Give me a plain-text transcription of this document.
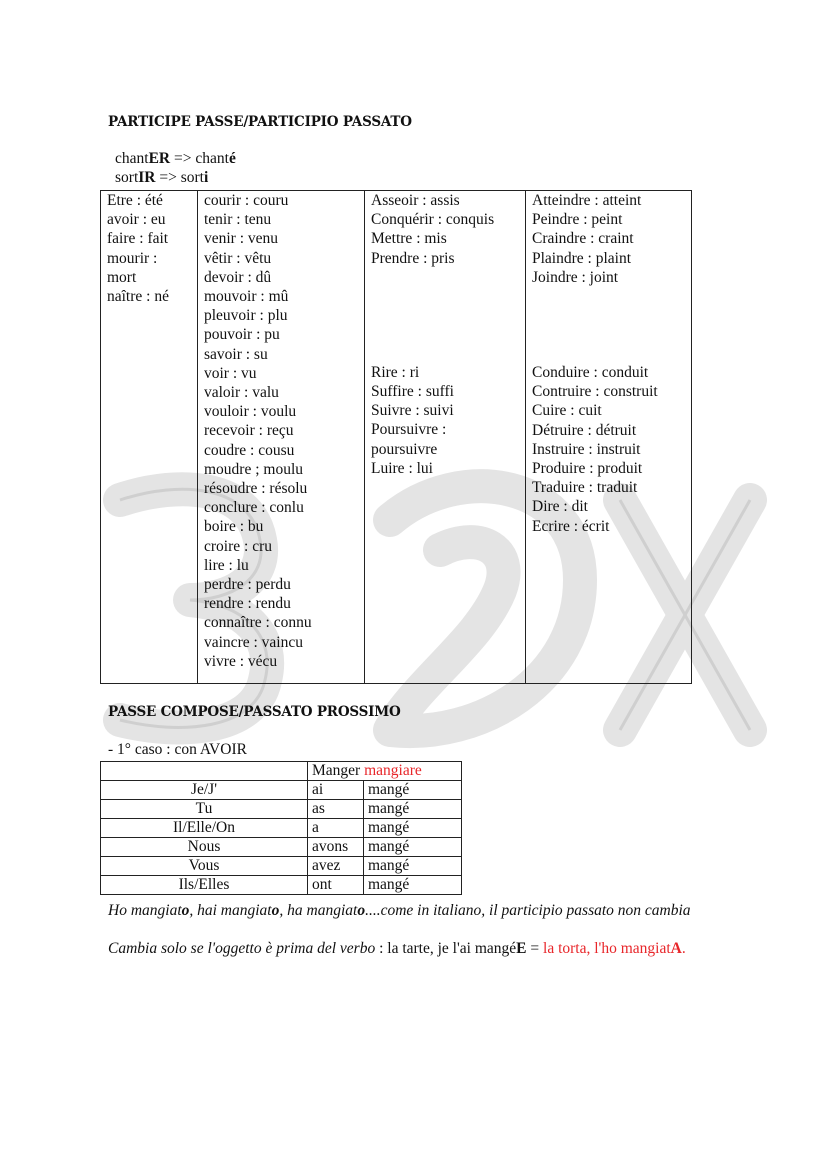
PARTICIPE PASSE/PARTICIPIO PASSATO
chantER => chanté
sortIR => sorti
Etre : été
avoir : eu
faire : fait
mourir :
mort
naître : né

courir : couru
tenir : tenu
venir : venu
vêtir : vêtu
devoir : dû
mouvoir : mû
pleuvoir : plu
pouvoir : pu
savoir : su
voir : vu
valoir : valu
vouloir : voulu
recevoir : reçu
coudre : cousu
moudre ; moulu
résoudre : résolu
conclure : conlu
boire : bu
croire : cru
lire : lu
perdre : perdu
rendre : rendu
connaître : connu
vaincre : vaincu
vivre : vécu

Asseoir : assis
Conquérir : conquis
Mettre : mis
Prendre : pris
Rire : ri
Suffire : suffi
Suivre : suivi
Poursuivre :
poursuivre
Luire : lui

Atteindre : atteint
Peindre : peint
Craindre : craint
Plaindre : plaint
Joindre : joint
Conduire : conduit
Contruire : construit
Cuire : cuit
Détruire : détruit
Instruire : instruit
Produire : produit
Traduire : traduit
Dire : dit
Ecrire : écrit
PASSE COMPOSE/PASSATO PROSSIMO
- 1° caso : con AVOIR
	Manger mangiare	
Je/J'	ai	mangé
Tu	as	mangé
Il/Elle/On	a	mangé
Nous	avons	mangé
Vous	avez	mangé
Ils/Elles	ont	mangé
Ho mangiato, hai mangiato, ha mangiato....come in italiano, il participio passato non cambia
Cambia solo se l'oggetto è prima del verbo : la tarte, je l'ai mangéE = la torta, l'ho mangiatA.
